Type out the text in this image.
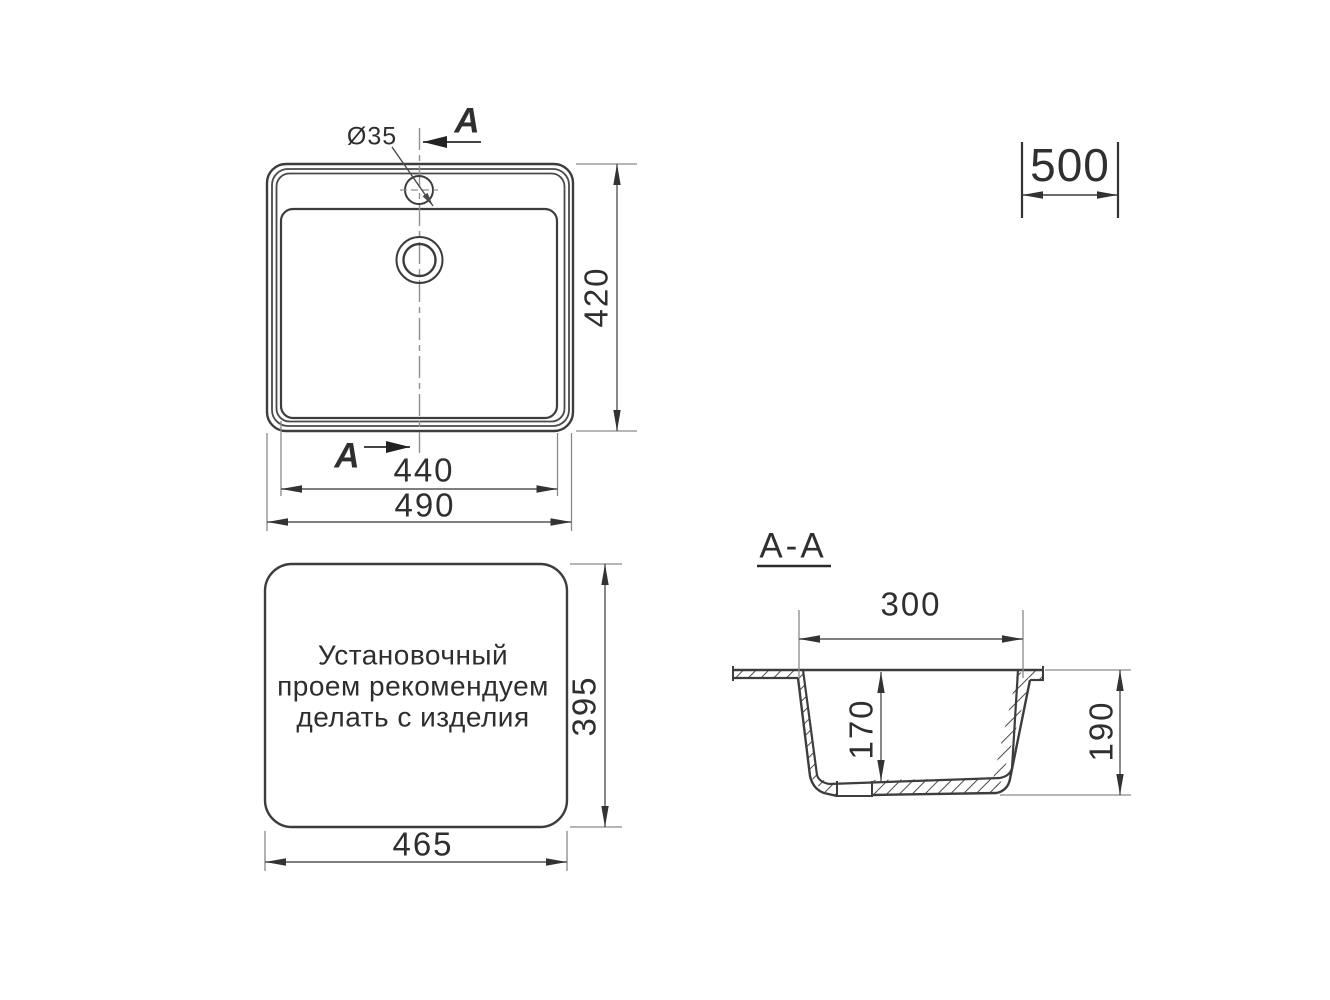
Ø35 A
A
420
440
490
500
Установочный
проем рекомендуем
делать с изделия 395
465
A-A
300
170	190
